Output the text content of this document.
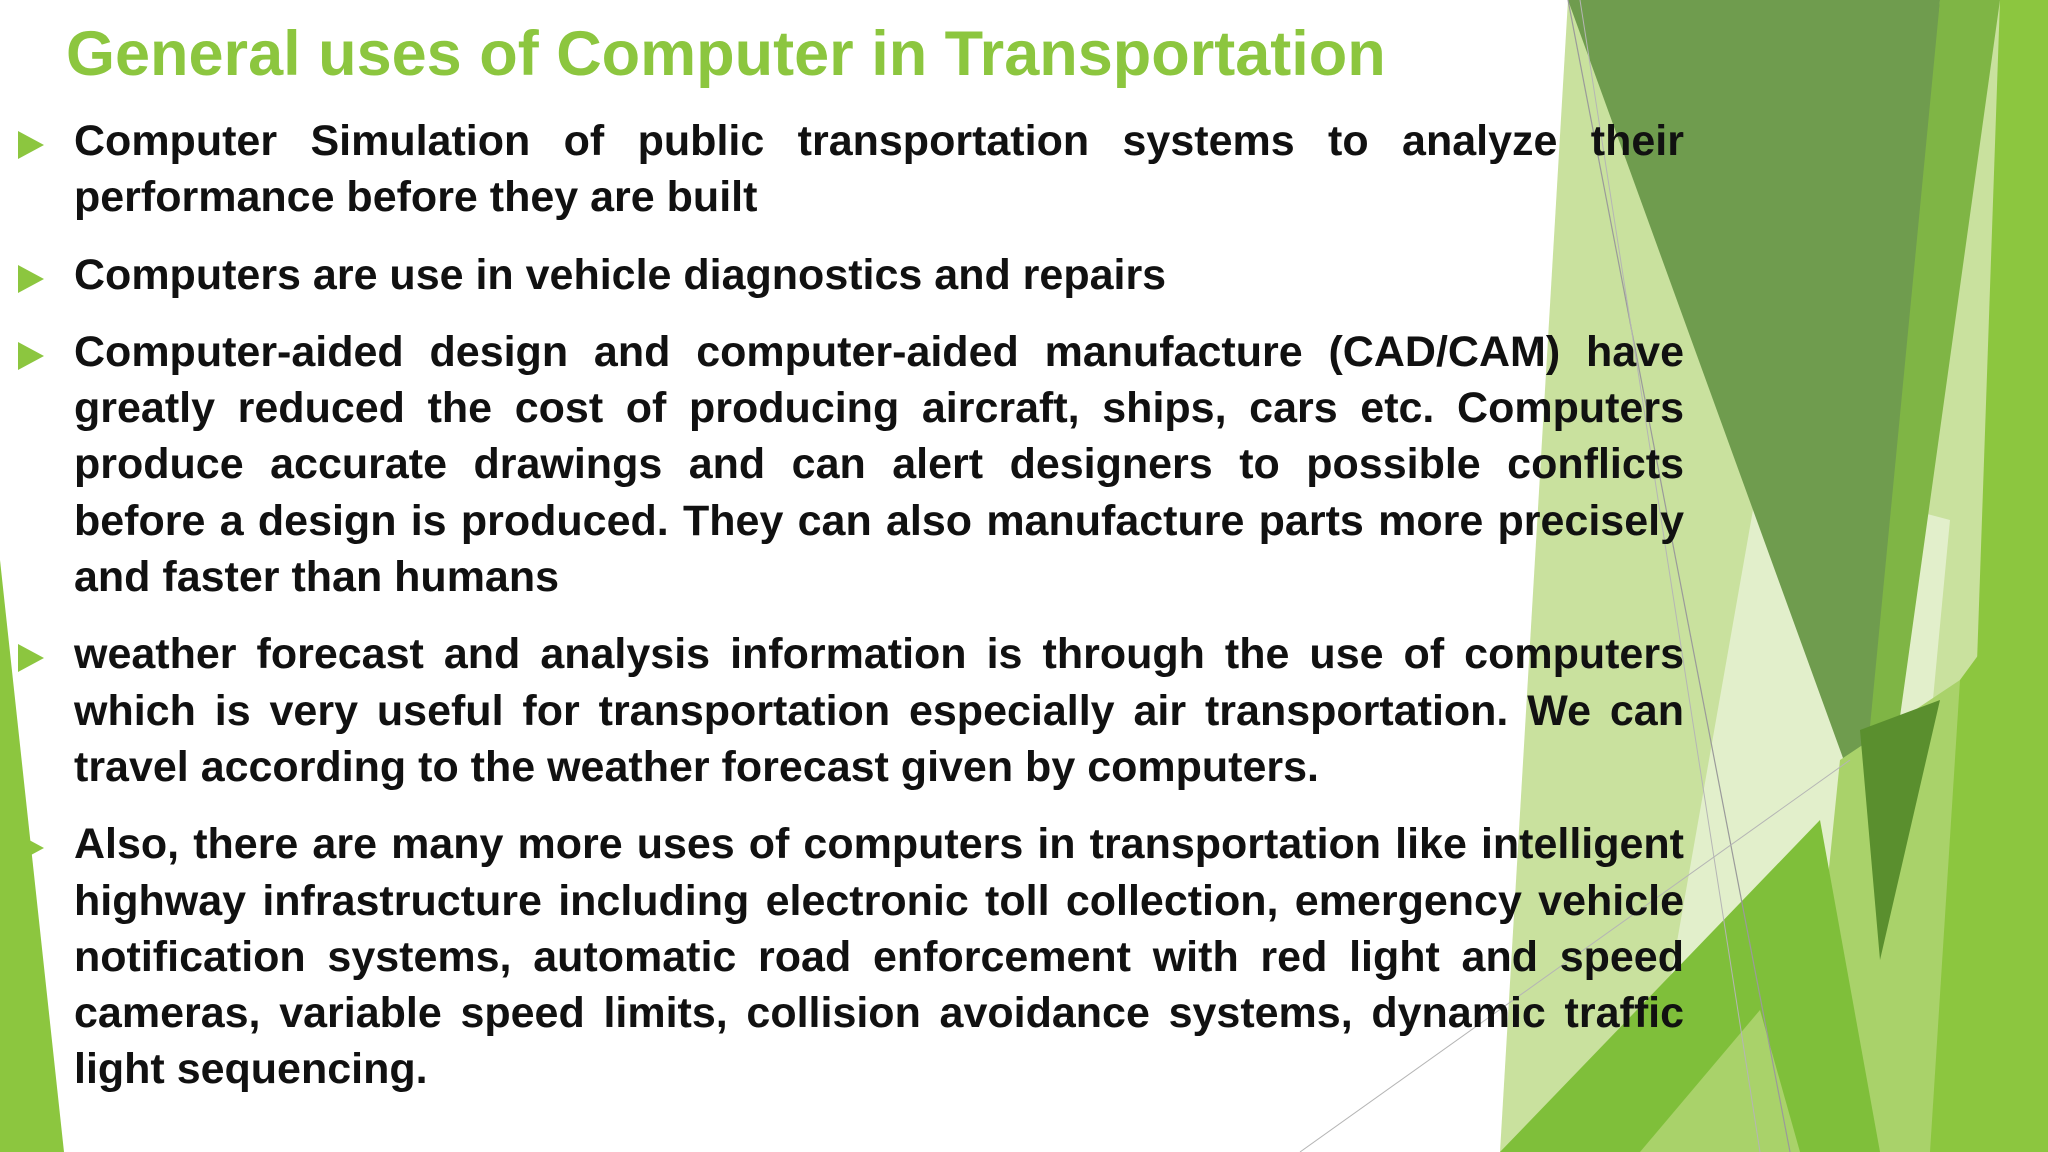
General uses of Computer in Transportation
Computer Simulation of public transportation systems to analyze their performance before they are built
Computers are use in vehicle diagnostics and repairs
Computer-aided design and computer-aided manufacture (CAD/CAM) have greatly reduced the cost of producing aircraft, ships, cars etc. Computers produce accurate drawings and can alert designers to possible conflicts before a design is produced. They can also manufacture parts more precisely and faster than humans
weather forecast and analysis information is through the use of computers which is very useful for transportation especially air transportation. We can travel according to the weather forecast given by computers.
Also, there are many more uses of computers in transportation like intelligent highway infrastructure including electronic toll collection, emergency vehicle notification systems, automatic road enforcement with red light and speed cameras, variable speed limits, collision avoidance systems, dynamic traffic light sequencing.
